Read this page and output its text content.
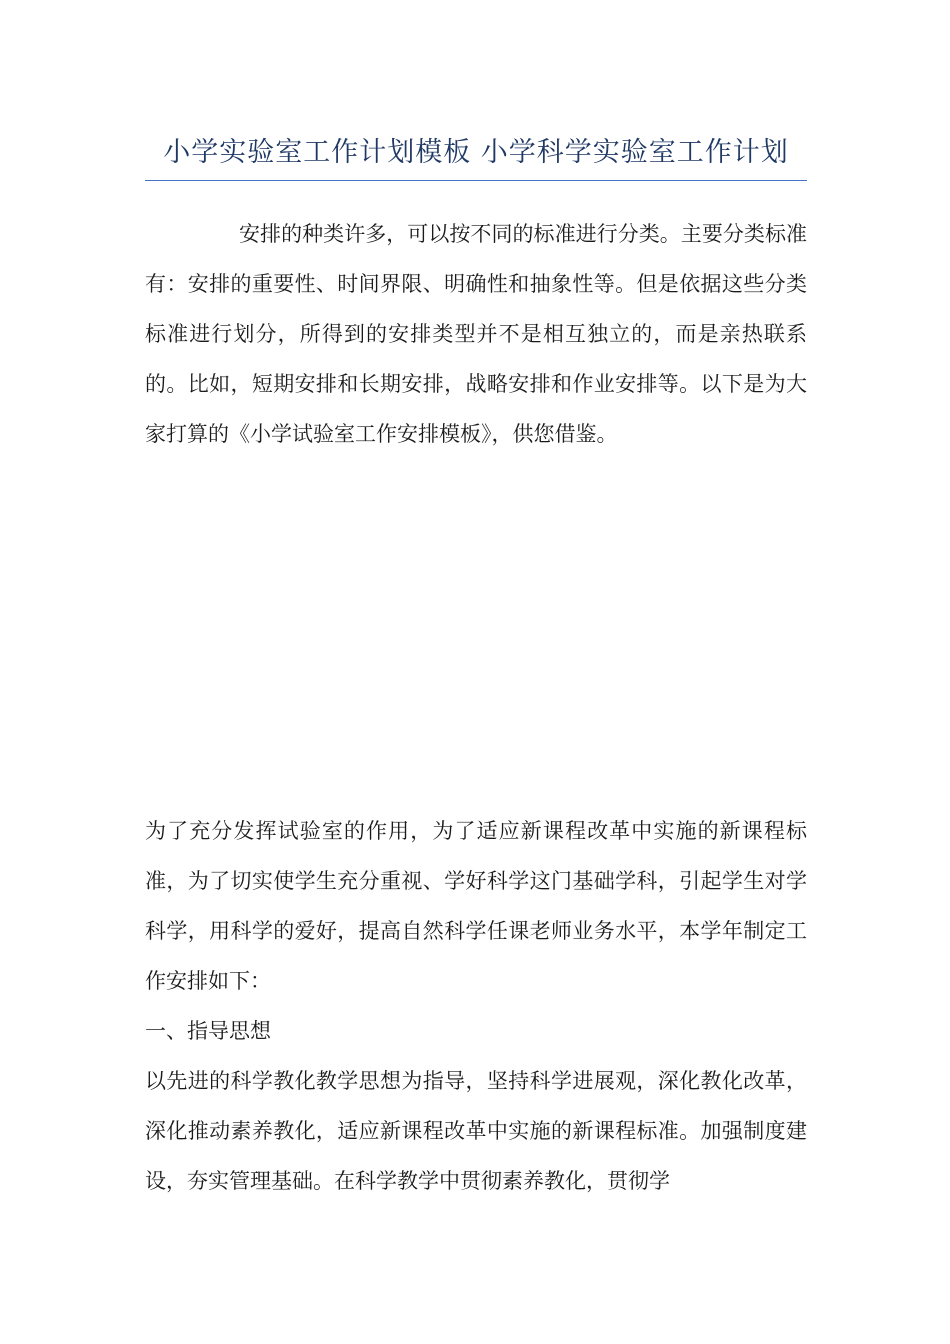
小学实验室工作计划模板 小学科学实验室工作计划
安排的种类许多，可以按不同的标准进行分类。主要分类标准有：安排的重要性、时间界限、明确性和抽象性等。但是依据这些分类标准进行划分，所得到的安排类型并不是相互独立的，而是亲热联系的。比如，短期安排和长期安排，战略安排和作业安排等。以下是为大家打算的《小学试验室工作安排模板》，供您借鉴。
为了充分发挥试验室的作用，为了适应新课程改革中实施的新课程标准，为了切实使学生充分重视、学好科学这门基础学科，引起学生对学科学，用科学的爱好，提高自然科学任课老师业务水平，本学年制定工作安排如下：
一、指导思想
以先进的科学教化教学思想为指导，坚持科学进展观，深化教化改革，深化推动素养教化，适应新课程改革中实施的新课程标准。加强制度建设，夯实管理基础。在科学教学中贯彻素养教化，贯彻学
